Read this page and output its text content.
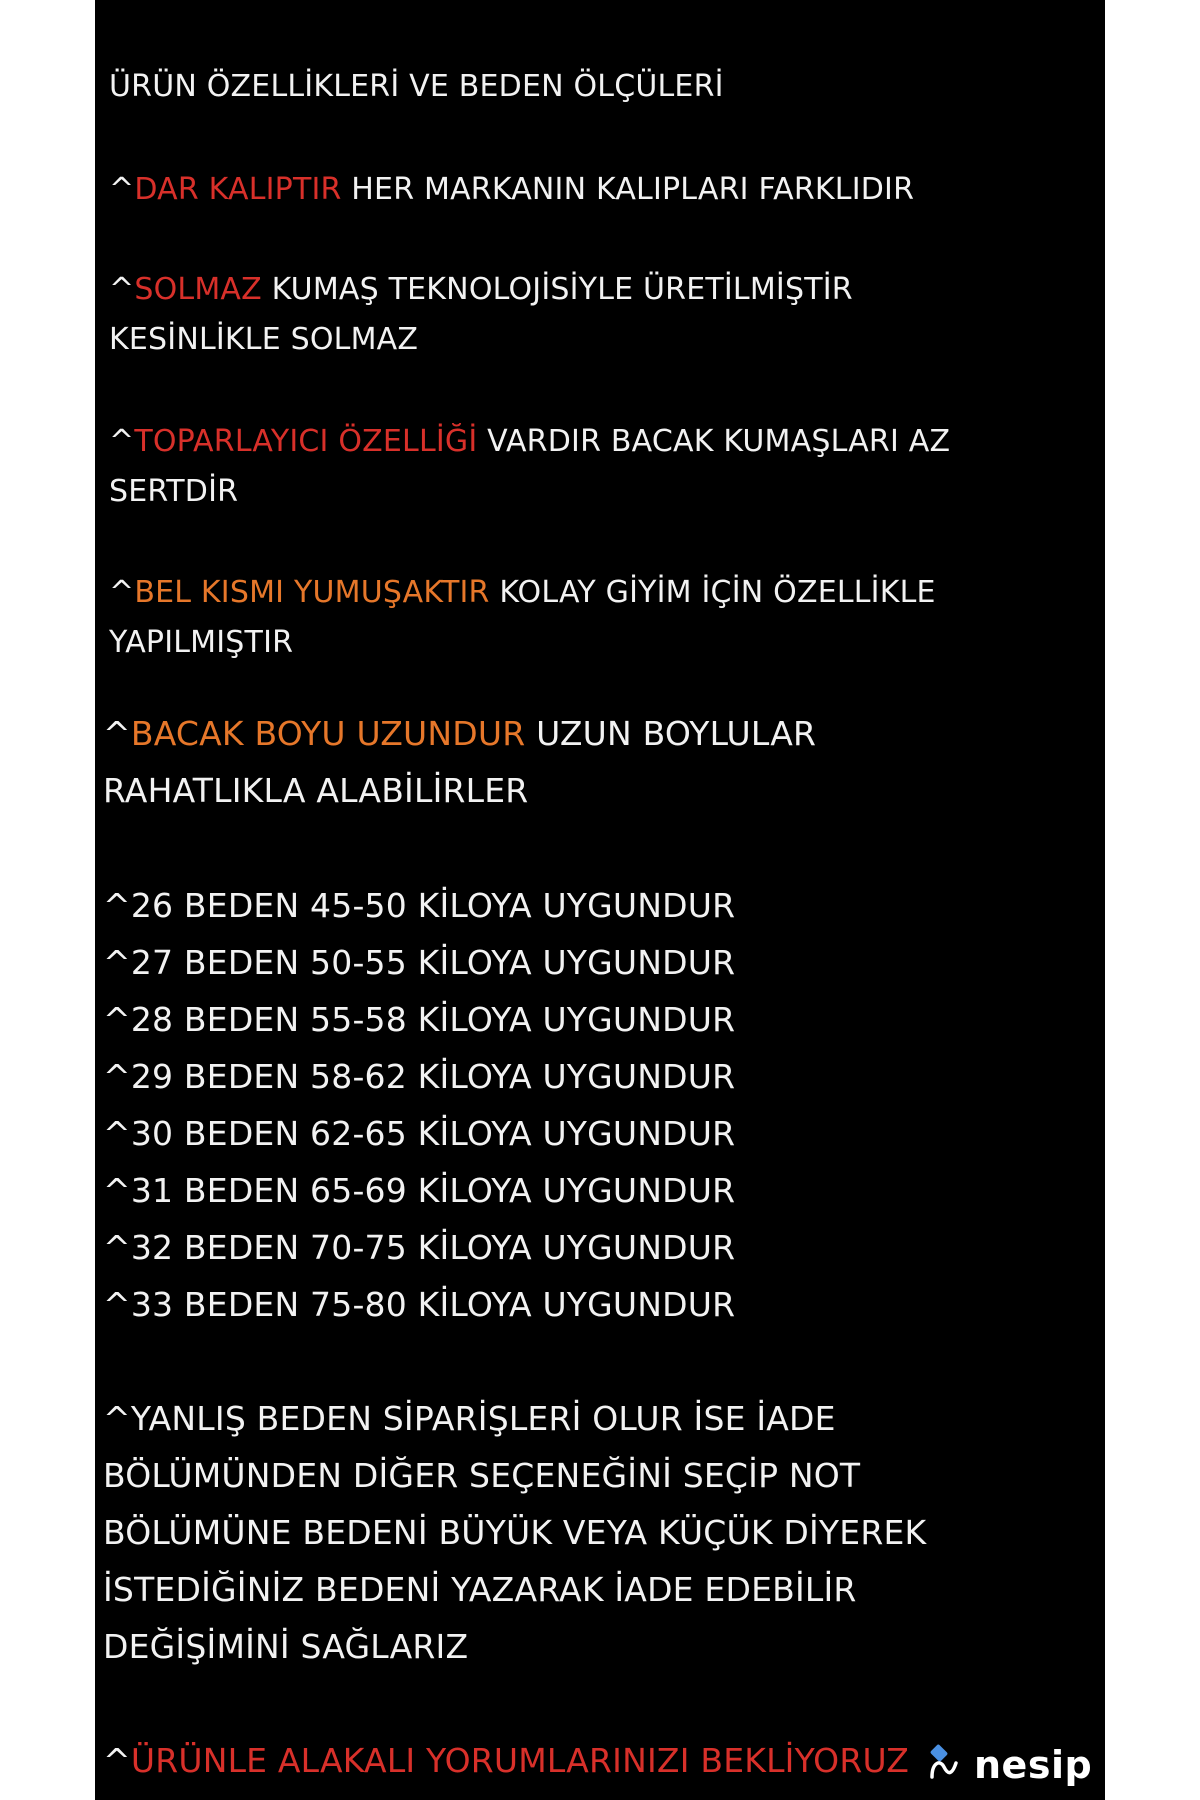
ÜRÜN ÖZELLİKLERİ VE BEDEN ÖLÇÜLERİ

^DAR KALIPTIR HER MARKANIN KALIPLARI FARKLIDIR

^SOLMAZ KUMAŞ TEKNOLOJİSİYLE ÜRETİLMİŞTİR
KESİNLİKLE SOLMAZ

^TOPARLAYICI ÖZELLİĞİ VARDIR BACAK KUMAŞLARI AZ
SERTDİR

^BEL KISMI YUMUŞAKTIR KOLAY GİYİM İÇİN ÖZELLİKLE
YAPILMIŞTIR

^BACAK BOYU UZUNDUR UZUN BOYLULAR
RAHATLIKLA ALABİLİRLER

^26 BEDEN 45-50 KİLOYA UYGUNDUR
^27 BEDEN 50-55 KİLOYA UYGUNDUR
^28 BEDEN 55-58 KİLOYA UYGUNDUR
^29 BEDEN 58-62 KİLOYA UYGUNDUR
^30 BEDEN 62-65 KİLOYA UYGUNDUR
^31 BEDEN 65-69 KİLOYA UYGUNDUR
^32 BEDEN 70-75 KİLOYA UYGUNDUR
^33 BEDEN 75-80 KİLOYA UYGUNDUR

^YANLIŞ BEDEN SİPARİŞLERİ OLUR İSE İADE
BÖLÜMÜNDEN DİĞER SEÇENEĞİNİ SEÇİP NOT
BÖLÜMÜNE BEDENİ BÜYÜK VEYA KÜÇÜK DİYEREK
İSTEDİĞİNİZ BEDENİ YAZARAK İADE EDEBİLİR
DEĞİŞİMİNİ SAĞLARIZ

^ÜRÜNLE ALAKALI YORUMLARINIZI BEKLİYORUZ	nesip
